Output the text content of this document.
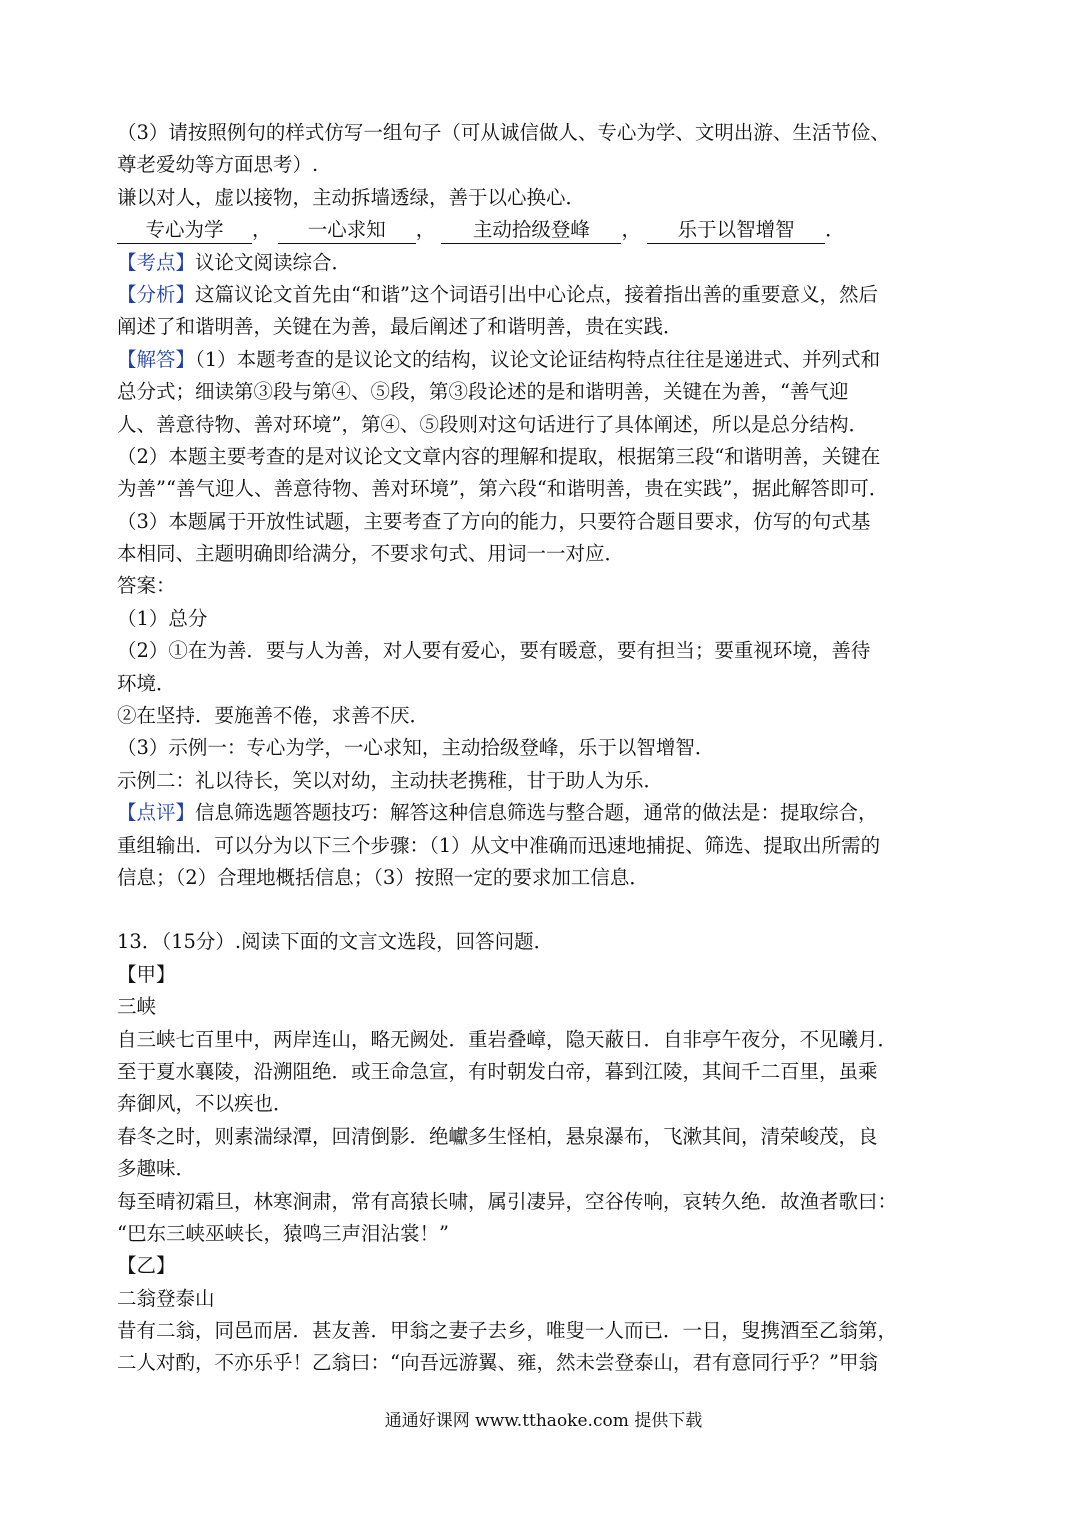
（3）请按照例句的样式仿写一组句子（可从诚信做人、专心为学、文明出游、生活节俭、
尊老爱幼等方面思考）.
谦以对人，虚以接物，主动拆墙透绿，善于以心换心．
专心为学 ， 一心求知 ， 主动拾级登峰 ， 乐于以智增智 ．
【考点】议论文阅读综合．
【分析】这篇议论文首先由“和谐”这个词语引出中心论点，接着指出善的重要意义，然后
阐述了和谐明善，关键在为善，最后阐述了和谐明善，贵在实践．
【解答】（1）本题考查的是议论文的结构，议论文论证结构特点往往是递进式、并列式和
总分式；细读第③段与第④、⑤段，第③段论述的是和谐明善，关键在为善，“善气迎
人、善意待物、善对环境”，第④、⑤段则对这句话进行了具体阐述，所以是总分结构．
（2）本题主要考查的是对议论文文章内容的理解和提取，根据第三段“和谐明善，关键在
为善”“善气迎人、善意待物、善对环境”，第六段“和谐明善，贵在实践”，据此解答即可．
（3）本题属于开放性试题，主要考查了方向的能力，只要符合题目要求，仿写的句式基
本相同、主题明确即给满分，不要求句式、用词一一对应．
答案：
（1）总分
（2）①在为善．要与人为善，对人要有爱心，要有暖意，要有担当；要重视环境，善待
环境．
②在坚持．要施善不倦，求善不厌．
（3）示例一：专心为学，一心求知，主动拾级登峰，乐于以智增智．
示例二：礼以待长，笑以对幼，主动扶老携稚，甘于助人为乐．
【点评】信息筛选题答题技巧：解答这种信息筛选与整合题，通常的做法是：提取综合，
重组输出．可以分为以下三个步骤：（1）从文中准确而迅速地捕捉、筛选、提取出所需的
信息；（2）合理地概括信息；（3）按照一定的要求加工信息．
13．（15分）.阅读下面的文言文选段，回答问题．
【甲】
三峡
自三峡七百里中，两岸连山，略无阙处．重岩叠嶂，隐天蔽日．自非亭午夜分，不见曦月．
至于夏水襄陵，沿溯阻绝．或王命急宣，有时朝发白帝，暮到江陵，其间千二百里，虽乘
奔御风，不以疾也．
春冬之时，则素湍绿潭，回清倒影．绝巘多生怪柏，悬泉瀑布，飞漱其间，清荣峻茂，良
多趣味．
每至晴初霜旦，林寒涧肃，常有高猿长啸，属引凄异，空谷传响，哀转久绝．故渔者歌曰：
“巴东三峡巫峡长，猿鸣三声泪沾裳！”
【乙】
二翁登泰山
昔有二翁，同邑而居．甚友善．甲翁之妻子去乡，唯叟一人而已．一日，叟携酒至乙翁第，
二人对酌，不亦乐乎！乙翁曰：“向吾远游翼、雍，然未尝登泰山，君有意同行乎？”甲翁
通通好课网 www.tthaoke.com 提供下载
